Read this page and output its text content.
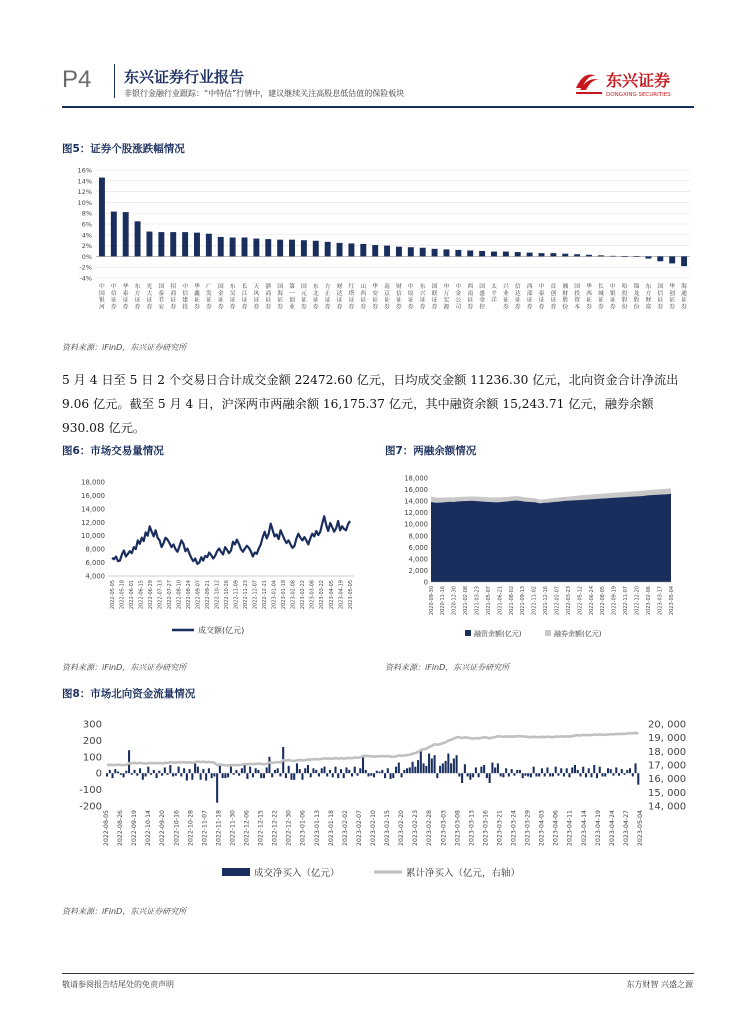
P4 东兴证券行业报告
非银行金融行业跟踪：“中特估”行情中，建议继续关注高股息低估值的保险板块
东兴证券
DONGXING SECURITIES
图5：证券个股涨跌幅情况
-4%
-2%
0%
2%
4%
6%
8%
10%
12%
14%
16%
中国银河
中信证券
华泰证券
东方证券
光大证券
国泰君安
招商证券
中信建投
华鑫证券
广发证券
国金证券
东吴证券
长江证券
天风证券
浙商证券
国海证券
第一创业
国元证券
东北证券
方正证券
财达证券
红塔证券
山西证券
华安证券
南京证券
财信证券
中原证券
东兴证券
国联证券
申万宏源
中金公司
西南证券
国盛金控
太平洋
兴业证券
信达证券
西部证券
中泰证券
首创证券
湘财股份
国投资本
华西证券
长城证券
中银证券
哈投股份
锦龙股份
东方财富
国信证券
华创证券
海通证券
资料来源：iFinD，东兴证券研究所
5 月 4 日至 5 日 2 个交易日合计成交金额 22472.60 亿元，日均成交金额 11236.30 亿元，北向资金合计净流出 9.06 亿元。截至 5 月 4 日，沪深两市两融余额 16,175.37 亿元，其中融资余额 15,243.71 亿元，融券余额 930.08 亿元。
图6：市场交易量情况
4,000
6,000
8,000
10,000
12,000
14,000
16,000
18,000
2022-05-05 2022-05-18 2022-06-01 2022-06-15 2022-06-29 2022-07-13 2022-07-27 2022-08-10 2022-08-24 2022-09-07 2022-09-21 2022-10-12 2022-10-26 2022-11-09 2022-11-23 2022-12-07 2022-12-21 2023-01-04 2023-01-18 2023-02-08 2023-02-22 2023-03-08 2023-03-22 2023-04-05 2023-04-19 2023-05-05
成交额(亿元)
资料来源：iFinD，东兴证券研究所
图7：两融余额情况
0
2,000
4,000
6,000
8,000
10,000
12,000
14,000
16,000
18,000
2020-09-30 2020-11-16 2020-12-30 2021-02-08 2021-03-23 2021-05-07 2021-06-21 2021-08-02 2021-09-13 2021-11-02 2021-12-16 2022-02-07 2022-03-23 2022-05-12 2022-06-24 2022-08-05 2022-09-19 2022-11-07 2022-12-20 2023-02-06 2023-03-17 2023-05-04
融资余额(亿元)	融券余额(亿元)
资料来源：iFinD，东兴证券研究所
图8：市场北向资金流量情况
-200
-100
0
100
200
300
14, 000
15, 000
16, 000
17, 000
18, 000
19, 000
20, 000
2022-08-05 2022-08-26 2022-09-19 2022-10-14 2022-09-20 2022-10-16 2022-10-28 2022-11-07 2022-11-18 2022-11-30 2022-12-06 2022-12-15 2022-12-22 2022-12-30 2023-01-06 2023-01-13 2023-01-18 2023-02-02 2023-02-07 2023-02-10 2023-02-15 2023-02-20 2023-02-23 2023-02-28 2023-03-03 2023-03-08 2023-03-13 2023-03-16 2023-03-21 2023-03-24 2023-03-29 2023-04-03 2023-04-06 2023-04-11 2023-04-14 2023-04-19 2023-04-24 2023-04-27 2023-05-04
成交净买入（亿元）	累计净买入（亿元，右轴）
资料来源：iFinD，东兴证券研究所
敬请参阅报告结尾处的免责声明	东方财智 兴盛之源
